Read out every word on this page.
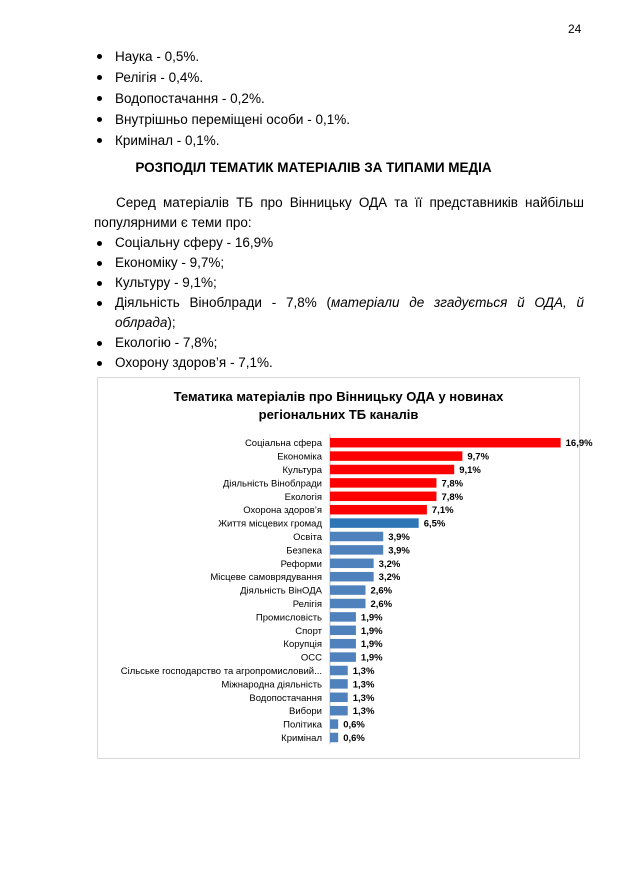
24
Наука - 0,5%.
Релігія - 0,4%.
Водопостачання - 0,2%.
Внутрішньо переміщені особи - 0,1%.
Кримінал - 0,1%.
РОЗПОДІЛ ТЕМАТИК МАТЕРІАЛІВ ЗА ТИПАМИ МЕДІА
Серед матеріалів ТБ про Вінницьку ОДА та її представників найбільш
популярними є теми про:
Соціальну сферу - 16,9%
Економіку - 9,7%;
Культуру - 9,1%;
Діяльність Віноблради - 7,8% (матеріали де згадується й ОДА, й облрада);
Екологію - 7,8%;
Охорону здоров’я - 7,1%.
Тематика матеріалів про Вінницьку ОДА у новинах
регіональних ТБ каналів
Соціальна сфера	16,9%
Економіка	9,7%
Культура	9,1%
Діяльність Віноблради	7,8%
Екологія	7,8%
Охорона здоров’я	7,1%
Життя місцевих громад	6,5%
Освіта	3,9%
Безпека	3,9%
Реформи	3,2%
Місцеве самоврядування	3,2%
Діяльність ВінОДА	2,6%
Релігія	2,6%
Промисловість	1,9%
Спорт	1,9%
Корупція	1,9%
ОСС	1,9%
Сільське господарство та агропромисловий...	1,3%
Міжнародна діяльність	1,3%
Водопостачання	1,3%
Вибори	1,3%
Політика 0,6%
Кримінал 0,6%
